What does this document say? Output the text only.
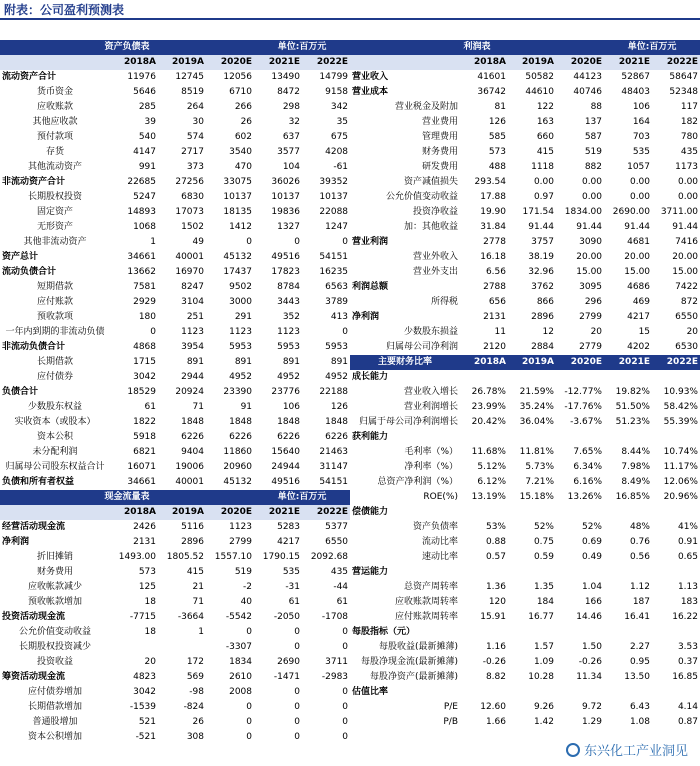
附表：公司盈利预测表
资产负债表				单位:百万元	
	2018A	2019A	2020E	2021E	2022E
流动资产合计	11976	12745	12056	13490	14799
货币资金	5646	8519	6710	8472	9158
应收账款	285	264	266	298	342
其他应收款	39	30	26	32	35
预付款项	540	574	602	637	675
存货	4147	2717	3540	3577	4208
其他流动资产	991	373	470	104	-61
非流动资产合计	22685	27256	33075	36026	39352
长期股权投资	5247	6830	10137	10137	10137
固定资产	14893	17073	18135	19836	22088
无形资产	1068	1502	1412	1327	1247
其他非流动资产	1	49	0	0	0
资产总计	34661	40001	45132	49516	54151
流动负债合计	13662	16970	17437	17823	16235
短期借款	7581	8247	9502	8784	6563
应付账款	2929	3104	3000	3443	3789
预收款项	180	251	291	352	413
一年内到期的非流动负债	0	1123	1123	1123	0
非流动负债合计	4868	3954	5953	5953	5953
长期借款	1715	891	891	891	891
应付债券	3042	2944	4952	4952	4952
负债合计	18529	20924	23390	23776	22188
少数股东权益	61	71	91	106	126
实收资本（或股本）	1822	1848	1848	1848	1848
资本公积	5918	6226	6226	6226	6226
未分配利润	6821	9404	11860	15640	21463
归属母公司股东权益合计	16071	19006	20960	24944	31147
负债和所有者权益	34661	40001	45132	49516	54151
现金流量表				单位:百万元	
	2018A	2019A	2020E	2021E	2022E
经营活动现金流	2426	5116	1123	5283	5377
净利润	2131	2896	2799	4217	6550
折旧摊销	1493.00	1805.52	1557.10	1790.15	2092.68
财务费用	573	415	519	535	435
应收帐款减少	125	21	-2	-31	-44
预收帐款增加	18	71	40	61	61
投资活动现金流	-7715	-3664	-5542	-2050	-1708
公允价值变动收益	18	1	0	0	0
长期股权投资减少			-3307	0	0
投资收益	20	172	1834	2690	3711
筹资活动现金流	4823	569	2610	-1471	-2983
应付债券增加	3042	-98	2008	0	0
长期借款增加	-1539	-824	0	0	0
普通股增加	521	26	0	0	0
资本公积增加	-521	308	0	0	0
利润表				单位:百万元	
	2018A	2019A	2020E	2021E	2022E
营业收入	41601	50582	44123	52867	58647
营业成本	36742	44610	40746	48403	52348
营业税金及附加	81	122	88	106	117
营业费用	126	163	137	164	182
管理费用	585	660	587	703	780
财务费用	573	415	519	535	435
研发费用	488	1118	882	1057	1173
资产减值损失	293.54	0.00	0.00	0.00	0.00
公允价值变动收益	17.88	0.97	0.00	0.00	0.00
投资净收益	19.90	171.54	1834.00	2690.00	3711.00
加：其他收益	31.84	91.44	91.44	91.44	91.44
营业利润	2778	3757	3090	4681	7416
营业外收入	16.18	38.19	20.00	20.00	20.00
营业外支出	6.56	32.96	15.00	15.00	15.00
利润总额	2788	3762	3095	4686	7422
所得税	656	866	296	469	872
净利润	2131	2896	2799	4217	6550
少数股东损益	11	12	20	15	20
归属母公司净利润	2120	2884	2779	4202	6530
主要财务比率	2018A	2019A	2020E	2021E	2022E
成长能力					
营业收入增长	26.78%	21.59%	-12.77%	19.82%	10.93%
营业利润增长	23.99%	35.24%	-17.76%	51.50%	58.42%
归属于母公司净利润增长	20.42%	36.04%	-3.67%	51.23%	55.39%
获利能力					
毛利率（%）	11.68%	11.81%	7.65%	8.44%	10.74%
净利率（%）	5.12%	5.73%	6.34%	7.98%	11.17%
总资产净利润（%）	6.12%	7.21%	6.16%	8.49%	12.06%
ROE(%)	13.19%	15.18%	13.26%	16.85%	20.96%
偿债能力					
资产负债率	53%	52%	52%	48%	41%
流动比率	0.88	0.75	0.69	0.76	0.91
速动比率	0.57	0.59	0.49	0.56	0.65
营运能力					
总资产周转率	1.36	1.35	1.04	1.12	1.13
应收账款周转率	120	184	166	187	183
应付账款周转率	15.91	16.77	14.46	16.41	16.22
每股指标（元）					
每股收益(最新摊薄)	1.16	1.57	1.50	2.27	3.53
每股净现金流(最新摊薄)	-0.26	1.09	-0.26	0.95	0.37
每股净资产(最新摊薄)	8.82	10.28	11.34	13.50	16.85
估值比率					
P/E	12.60	9.26	9.72	6.43	4.14
P/B	1.66	1.42	1.29	1.08	0.87
东兴化工产业洞见
